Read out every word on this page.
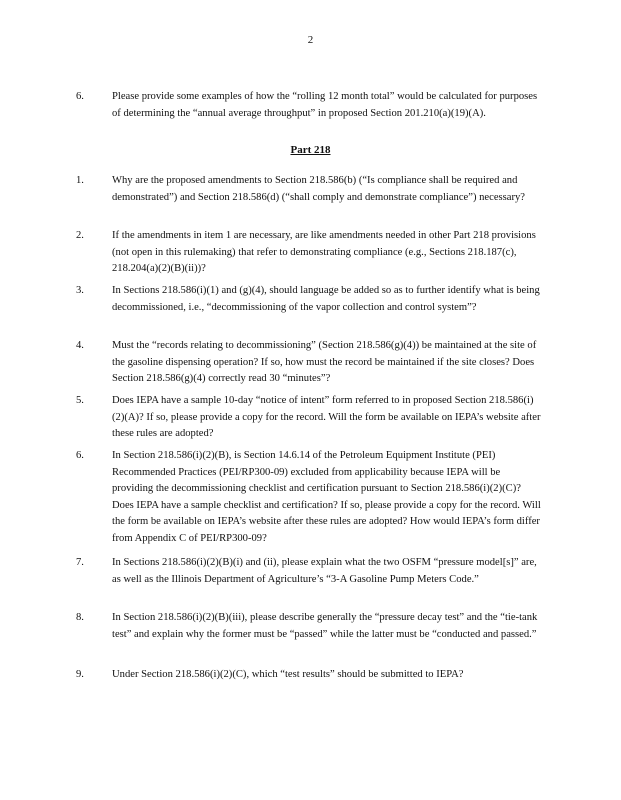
2
6.	Please provide some examples of how the “rolling 12 month total” would be calculated for purposes of determining the “annual average throughput” in proposed Section 201.210(a)(19)(A).
Part 218
1.	Why are the proposed amendments to Section 218.586(b) (“Is compliance shall be required and demonstrated”) and Section 218.586(d) (“shall comply and demonstrate compliance”) necessary?
2.	If the amendments in item 1 are necessary, are like amendments needed in other Part 218 provisions (not open in this rulemaking) that refer to demonstrating compliance (e.g., Sections 218.187(c), 218.204(a)(2)(B)(ii))?
3.	In Sections 218.586(i)(1) and (g)(4), should language be added so as to further identify what is being decommissioned, i.e., “decommissioning of the vapor collection and control system”?
4.	Must the “records relating to decommissioning” (Section 218.586(g)(4)) be maintained at the site of the gasoline dispensing operation? If so, how must the record be maintained if the site closes? Does Section 218.586(g)(4) correctly read 30 “minutes”?
5.	Does IEPA have a sample 10-day “notice of intent” form referred to in proposed Section 218.586(i)(2)(A)? If so, please provide a copy for the record. Will the form be available on IEPA’s website after these rules are adopted?
6.	In Section 218.586(i)(2)(B), is Section 14.6.14 of the Petroleum Equipment Institute (PEI) Recommended Practices (PEI/RP300-09) excluded from applicability because IEPA will be providing the decommissioning checklist and certification pursuant to Section 218.586(i)(2)(C)? Does IEPA have a sample checklist and certification? If so, please provide a copy for the record. Will the form be available on IEPA’s website after these rules are adopted? How would IEPA’s form differ from Appendix C of PEI/RP300-09?
7.	In Sections 218.586(i)(2)(B)(i) and (ii), please explain what the two OSFM “pressure model[s]” are, as well as the Illinois Department of Agriculture’s “3-A Gasoline Pump Meters Code.”
8.	In Section 218.586(i)(2)(B)(iii), please describe generally the “pressure decay test” and the “tie-tank test” and explain why the former must be “passed” while the latter must be “conducted and passed.”
9.	Under Section 218.586(i)(2)(C), which “test results” should be submitted to IEPA?
